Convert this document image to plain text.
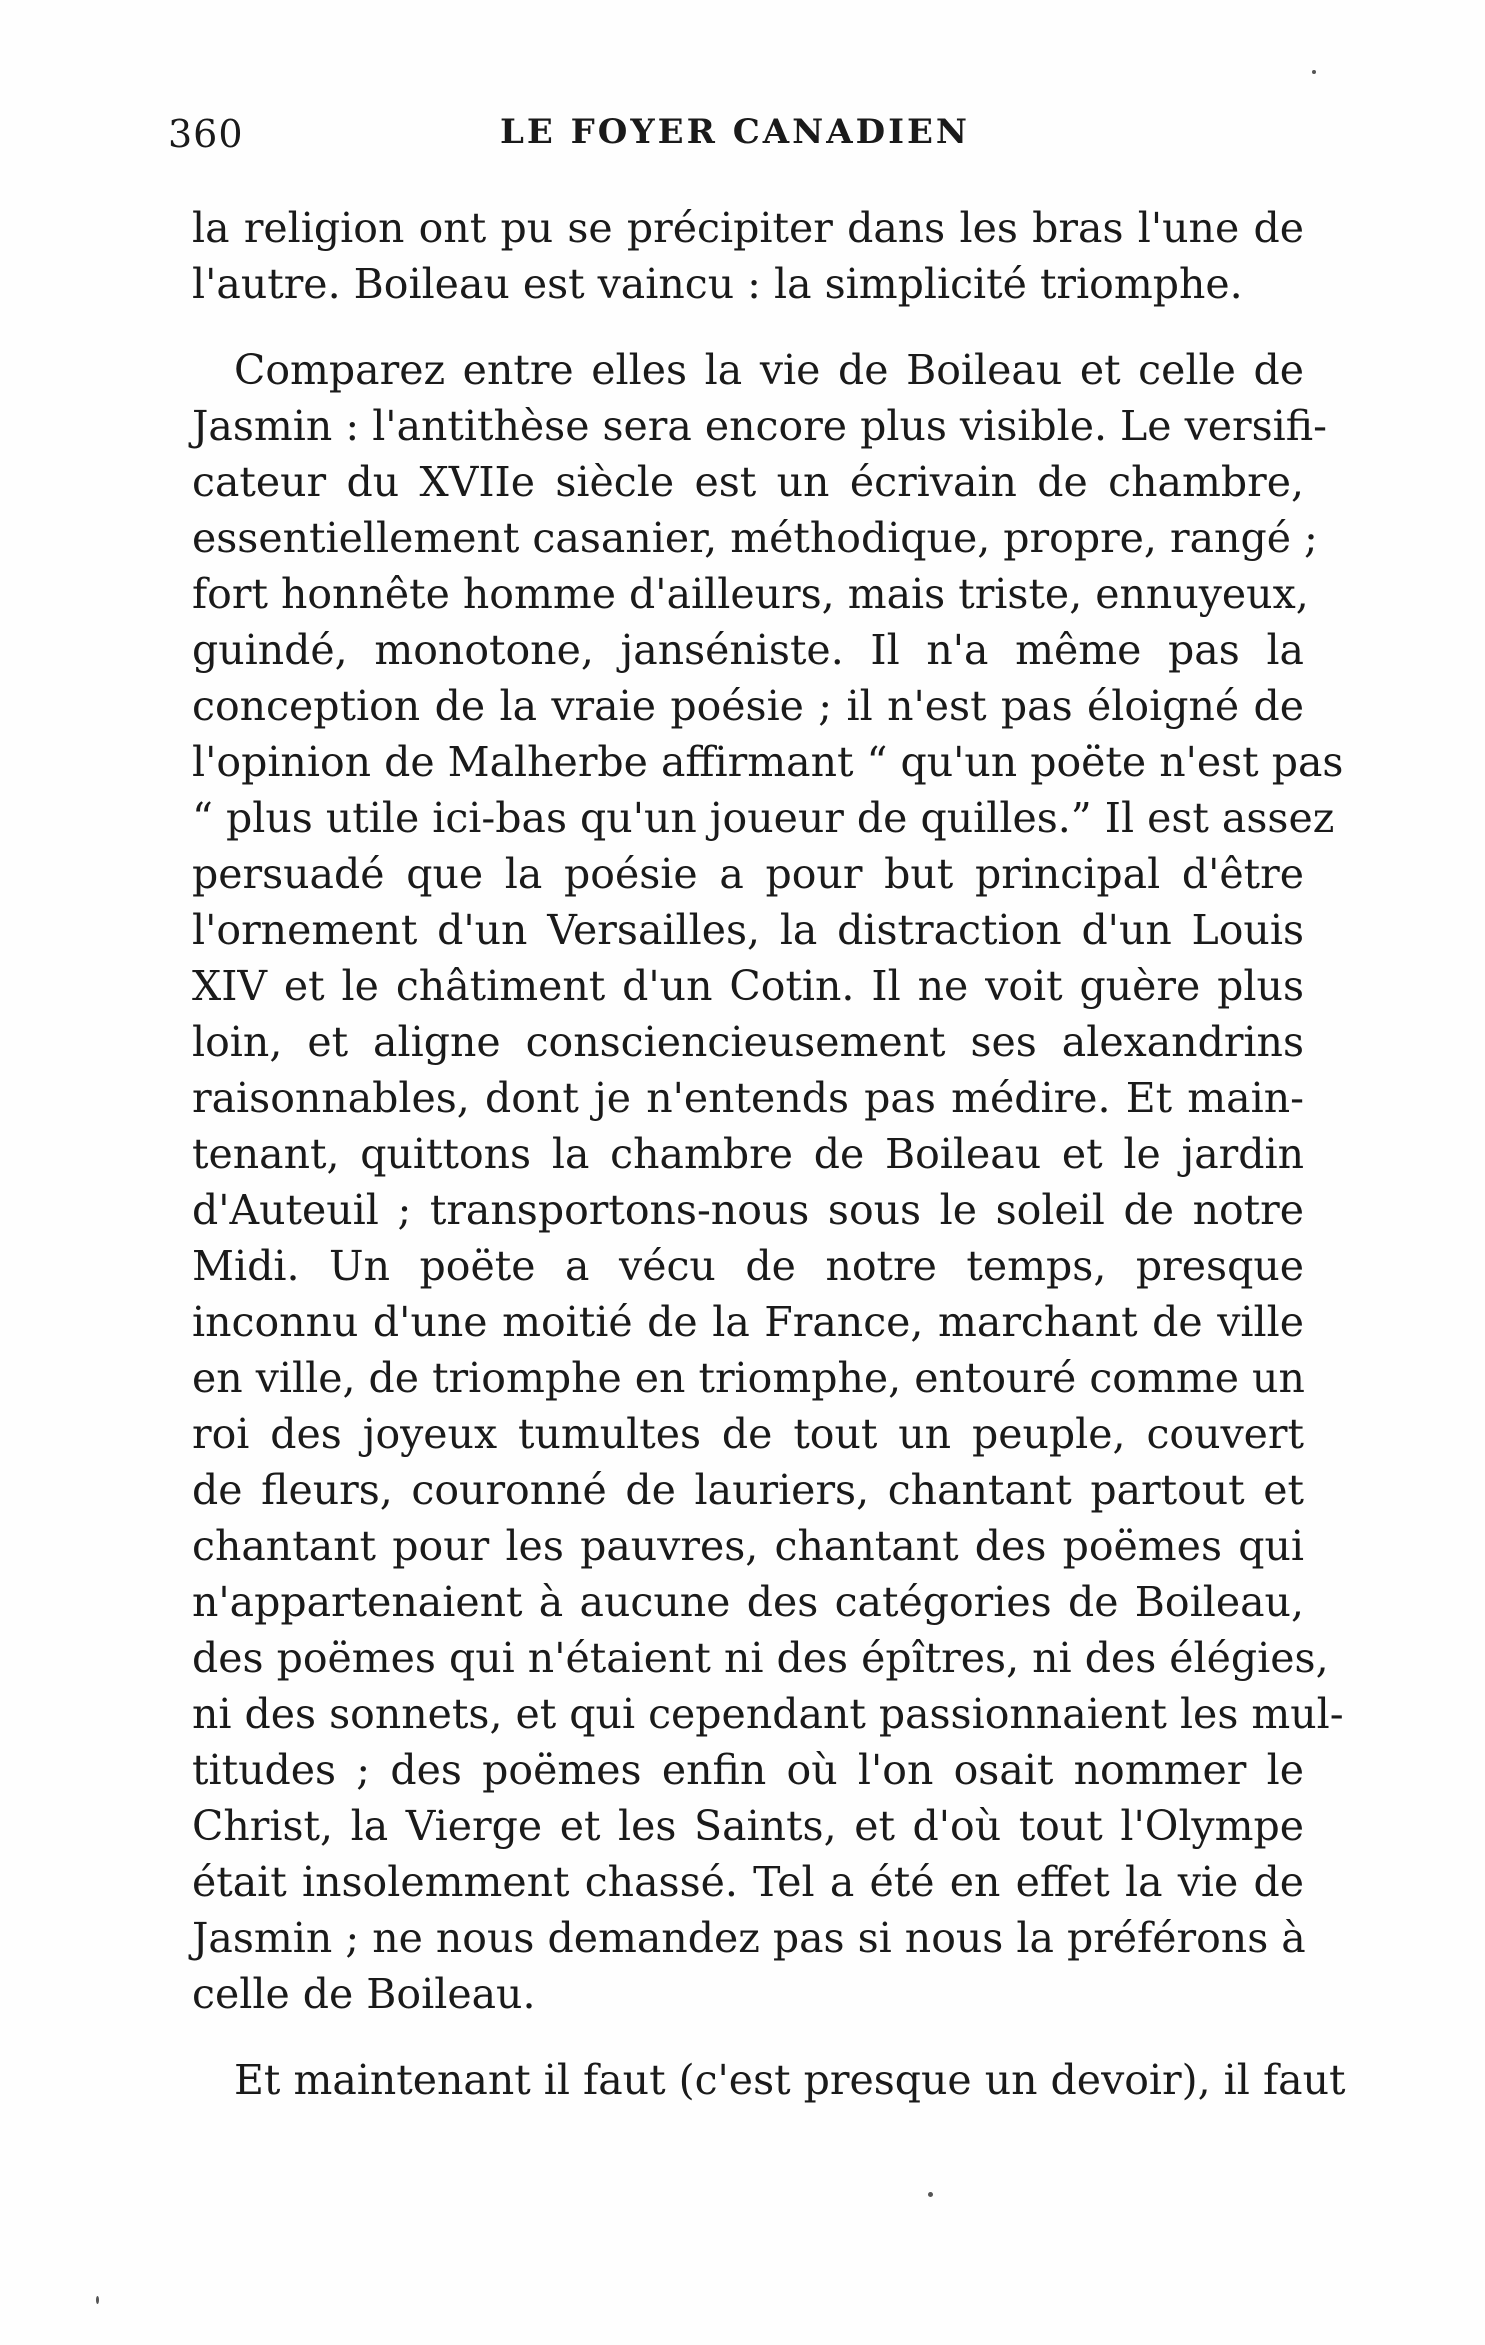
360	LE FOYER CANADIEN
la religion ont pu se précipiter dans les bras l'une de
l'autre. Boileau est vaincu : la simplicité triomphe.
Comparez entre elles la vie de Boileau et celle de
Jasmin : l'antithèse sera encore plus visible. Le versifi-
cateur du XVIIe siècle est un écrivain de chambre,
essentiellement casanier, méthodique, propre, rangé ;
fort honnête homme d'ailleurs, mais triste, ennuyeux,
guindé, monotone, janséniste. Il n'a même pas la
conception de la vraie poésie ; il n'est pas éloigné de
l'opinion de Malherbe affirmant “ qu'un poëte n'est pas
“ plus utile ici-bas qu'un joueur de quilles.” Il est assez
persuadé que la poésie a pour but principal d'être
l'ornement d'un Versailles, la distraction d'un Louis
XIV et le châtiment d'un Cotin. Il ne voit guère plus
loin, et aligne consciencieusement ses alexandrins
raisonnables, dont je n'entends pas médire. Et main-
tenant, quittons la chambre de Boileau et le jardin
d'Auteuil ; transportons-nous sous le soleil de notre
Midi. Un poëte a vécu de notre temps, presque
inconnu d'une moitié de la France, marchant de ville
en ville, de triomphe en triomphe, entouré comme un
roi des joyeux tumultes de tout un peuple, couvert
de fleurs, couronné de lauriers, chantant partout et
chantant pour les pauvres, chantant des poëmes qui
n'appartenaient à aucune des catégories de Boileau,
des poëmes qui n'étaient ni des épîtres, ni des élégies,
ni des sonnets, et qui cependant passionnaient les mul-
titudes ; des poëmes enfin où l'on osait nommer le
Christ, la Vierge et les Saints, et d'où tout l'Olympe
était insolemment chassé. Tel a été en effet la vie de
Jasmin ; ne nous demandez pas si nous la préférons à
celle de Boileau.
Et maintenant il faut (c'est presque un devoir), il faut
